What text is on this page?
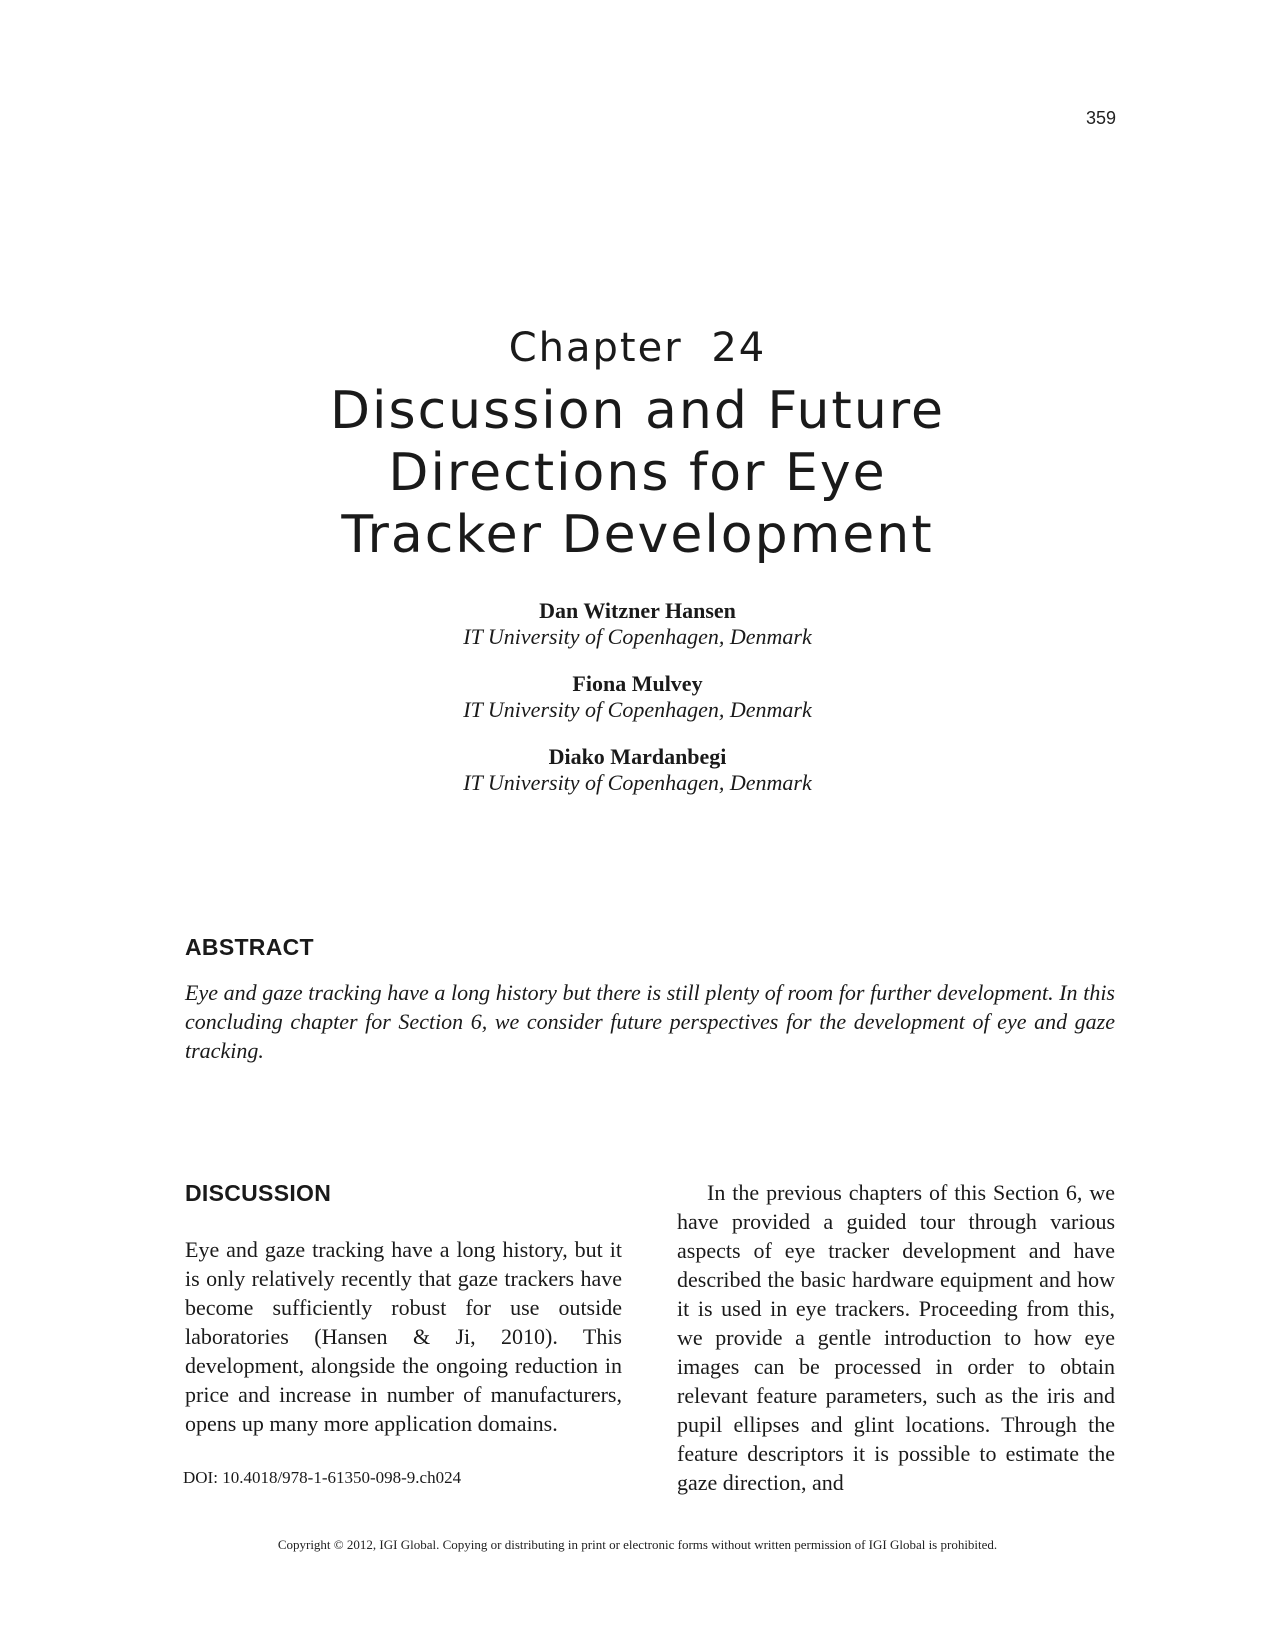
359
Chapter 24
Discussion and Future
Directions for Eye
Tracker Development
Dan Witzner Hansen
IT University of Copenhagen, Denmark
Fiona Mulvey
IT University of Copenhagen, Denmark
Diako Mardanbegi
IT University of Copenhagen, Denmark
ABSTRACT
Eye and gaze tracking have a long history but there is still plenty of room for further development. In this concluding chapter for Section 6, we consider future perspectives for the development of eye and gaze tracking.
DISCUSSION
Eye and gaze tracking have a long history, but it is only relatively recently that gaze trackers have become sufficiently robust for use outside laboratories (Hansen & Ji, 2010). This development, alongside the ongoing reduction in price and increase in number of manufacturers, opens up many more application domains.
In the previous chapters of this Section 6, we have provided a guided tour through various aspects of eye tracker development and have described the basic hardware equipment and how it is used in eye trackers. Proceeding from this, we provide a gentle introduction to how eye images can be processed in order to obtain relevant feature parameters, such as the iris and pupil ellipses and glint locations. Through the feature descriptors it is possible to estimate the gaze direction, and
DOI: 10.4018/978-1-61350-098-9.ch024
Copyright © 2012, IGI Global. Copying or distributing in print or electronic forms without written permission of IGI Global is prohibited.
